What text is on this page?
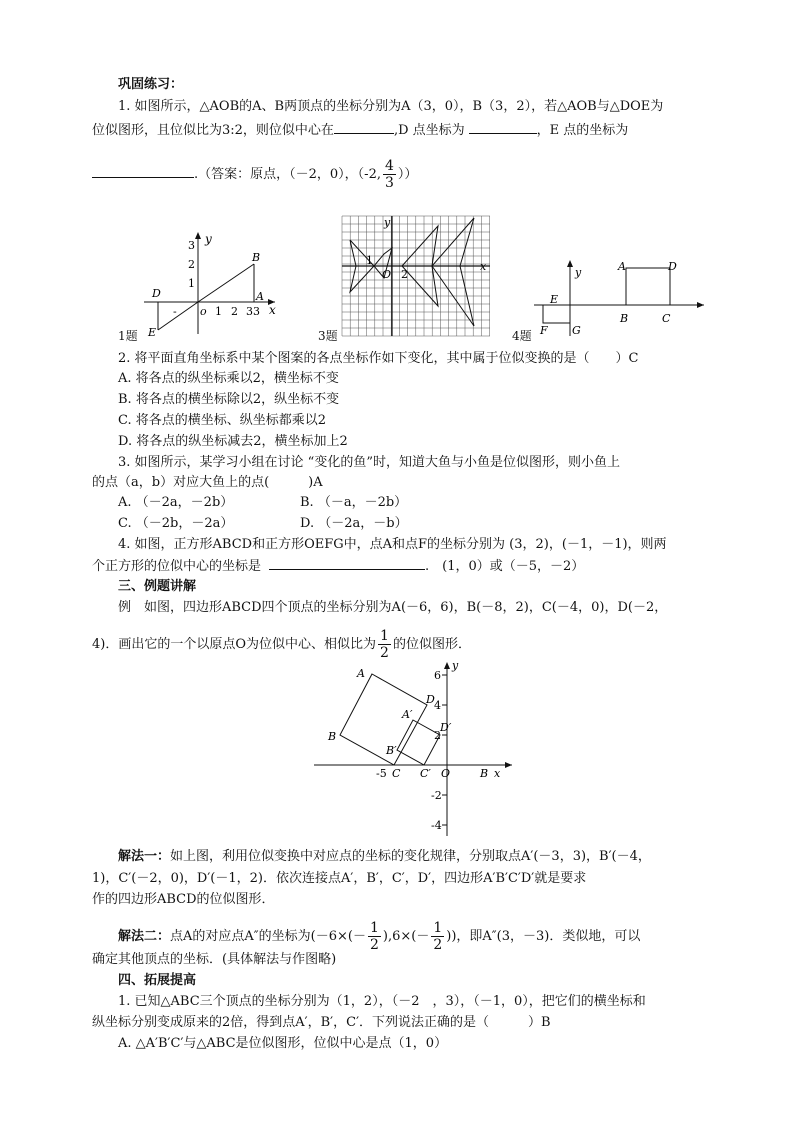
巩固练习：
1. 如图所示，△AOB的A、B两顶点的坐标分别为A（3，0），B（3，2），若△AOB与△DOE为
位似图形，且位似比为3:2，则位似中心在	,D 点坐标为	，E 点的坐标为
.（答案：原点，（－2，0），（-2, $\frac{4}{3}$ ））
y
x
3
2
1
o 1 2 3 3
-
B
A
D
E
1题
y
x
O
1
2
3题
y	A	D
E
F G
B	C
4题
2. 将平面直角坐标系中某个图案的各点坐标作如下变化，其中属于位似变换的是（　　）C
A. 将各点的纵坐标乘以2，横坐标不变
B. 将各点的横坐标除以2，纵坐标不变
C. 将各点的横坐标、纵坐标都乘以2
D. 将各点的纵坐标减去2，横坐标加上2
3. 如图所示，某学习小组在讨论 “变化的鱼”时，知道大鱼与小鱼是位似图形，则小鱼上
的点（a，b）对应大鱼上的点(　　　)A
A. （－2a，－2b）	B. （－a，－2b）
C. （－2b，－2a）	D. （－2a，－b）
4. 如图，正方形ABCD和正方形OEFG中，点A和点F的坐标分别为 (3，2)，(－1，－1)，则两
个正方形的位似中心的坐标是	.　(1，0）或（－5，－2）
三、例题讲解
例　如图，四边形ABCD四个顶点的坐标分别为A(－6，6)，B(－8，2)，C(－4，0)，D(－2，
4)．画出它的一个以原点O为位似中心、相似比为 $\frac{1}{2}$ 的位似图形．
A
D
B
C
A′
D′
B′
C′ O	B x
y
-5
6
4
2
-2
-4
解法一：如上图，利用位似变换中对应点的坐标的变化规律，分别取点A′(－3，3)，B′(－4，
1)，C′(－2，0)，D′(－1，2)．依次连接点A′，B′，C′，D′，四边形A′B′C′D′就是要求
作的四边形ABCD的位似图形．
解法二：点A的对应点A″的坐标为($-6\times(- \frac{1}{2} ),6\times(- \frac{1}{2}$ ))，即A″(3，－3)．类似地，可以
确定其他顶点的坐标．(具体解法与作图略)
四、拓展提高
1. 已知△ABC三个顶点的坐标分别为（1，2），（－2　，3），（－1，0），把它们的横坐标和
纵坐标分别变成原来的2倍，得到点A′，B′，C′．下列说法正确的是（　　　）B
A. △A′B′C′与△ABC是位似图形，位似中心是点（1，0）
